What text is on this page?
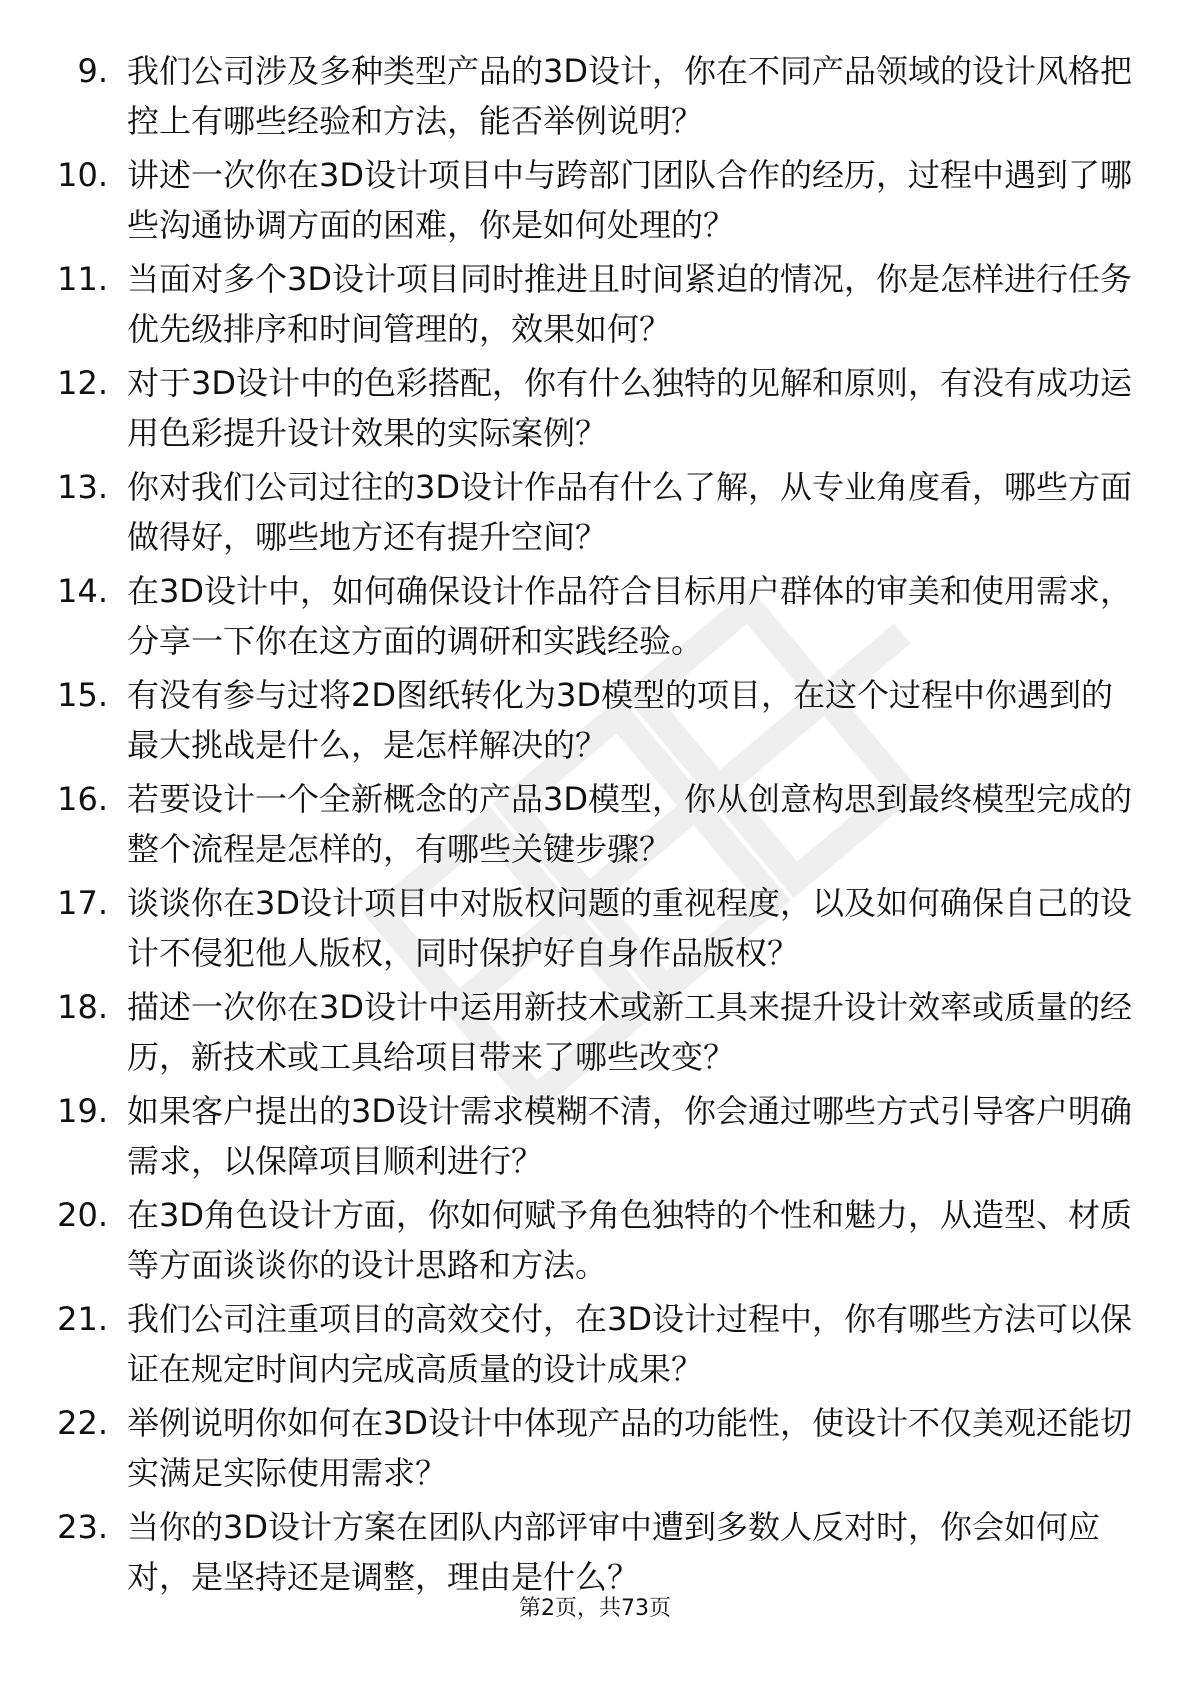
9. 我们公司涉及多种类型产品的3D设计，你在不同产品领域的设计风格把控上有哪些经验和方法，能否举例说明？
10. 讲述一次你在3D设计项目中与跨部门团队合作的经历，过程中遇到了哪些沟通协调方面的困难，你是如何处理的？
11. 当面对多个3D设计项目同时推进且时间紧迫的情况，你是怎样进行任务优先级排序和时间管理的，效果如何？
12. 对于3D设计中的色彩搭配，你有什么独特的见解和原则，有没有成功运用色彩提升设计效果的实际案例？
13. 你对我们公司过往的3D设计作品有什么了解，从专业角度看，哪些方面做得好，哪些地方还有提升空间？
14. 在3D设计中，如何确保设计作品符合目标用户群体的审美和使用需求，分享一下你在这方面的调研和实践经验。
15. 有没有参与过将2D图纸转化为3D模型的项目，在这个过程中你遇到的最大挑战是什么，是怎样解决的？
16. 若要设计一个全新概念的产品3D模型，你从创意构思到最终模型完成的整个流程是怎样的，有哪些关键步骤？
17. 谈谈你在3D设计项目中对版权问题的重视程度，以及如何确保自己的设计不侵犯他人版权，同时保护好自身作品版权？
18. 描述一次你在3D设计中运用新技术或新工具来提升设计效率或质量的经历，新技术或工具给项目带来了哪些改变？
19. 如果客户提出的3D设计需求模糊不清，你会通过哪些方式引导客户明确需求，以保障项目顺利进行？
20. 在3D角色设计方面，你如何赋予角色独特的个性和魅力，从造型、材质等方面谈谈你的设计思路和方法。
21. 我们公司注重项目的高效交付，在3D设计过程中，你有哪些方法可以保证在规定时间内完成高质量的设计成果？
22. 举例说明你如何在3D设计中体现产品的功能性，使设计不仅美观还能切实满足实际使用需求？
23. 当你的3D设计方案在团队内部评审中遭到多数人反对时，你会如何应对，是坚持还是调整，理由是什么？
第2页，共73页
